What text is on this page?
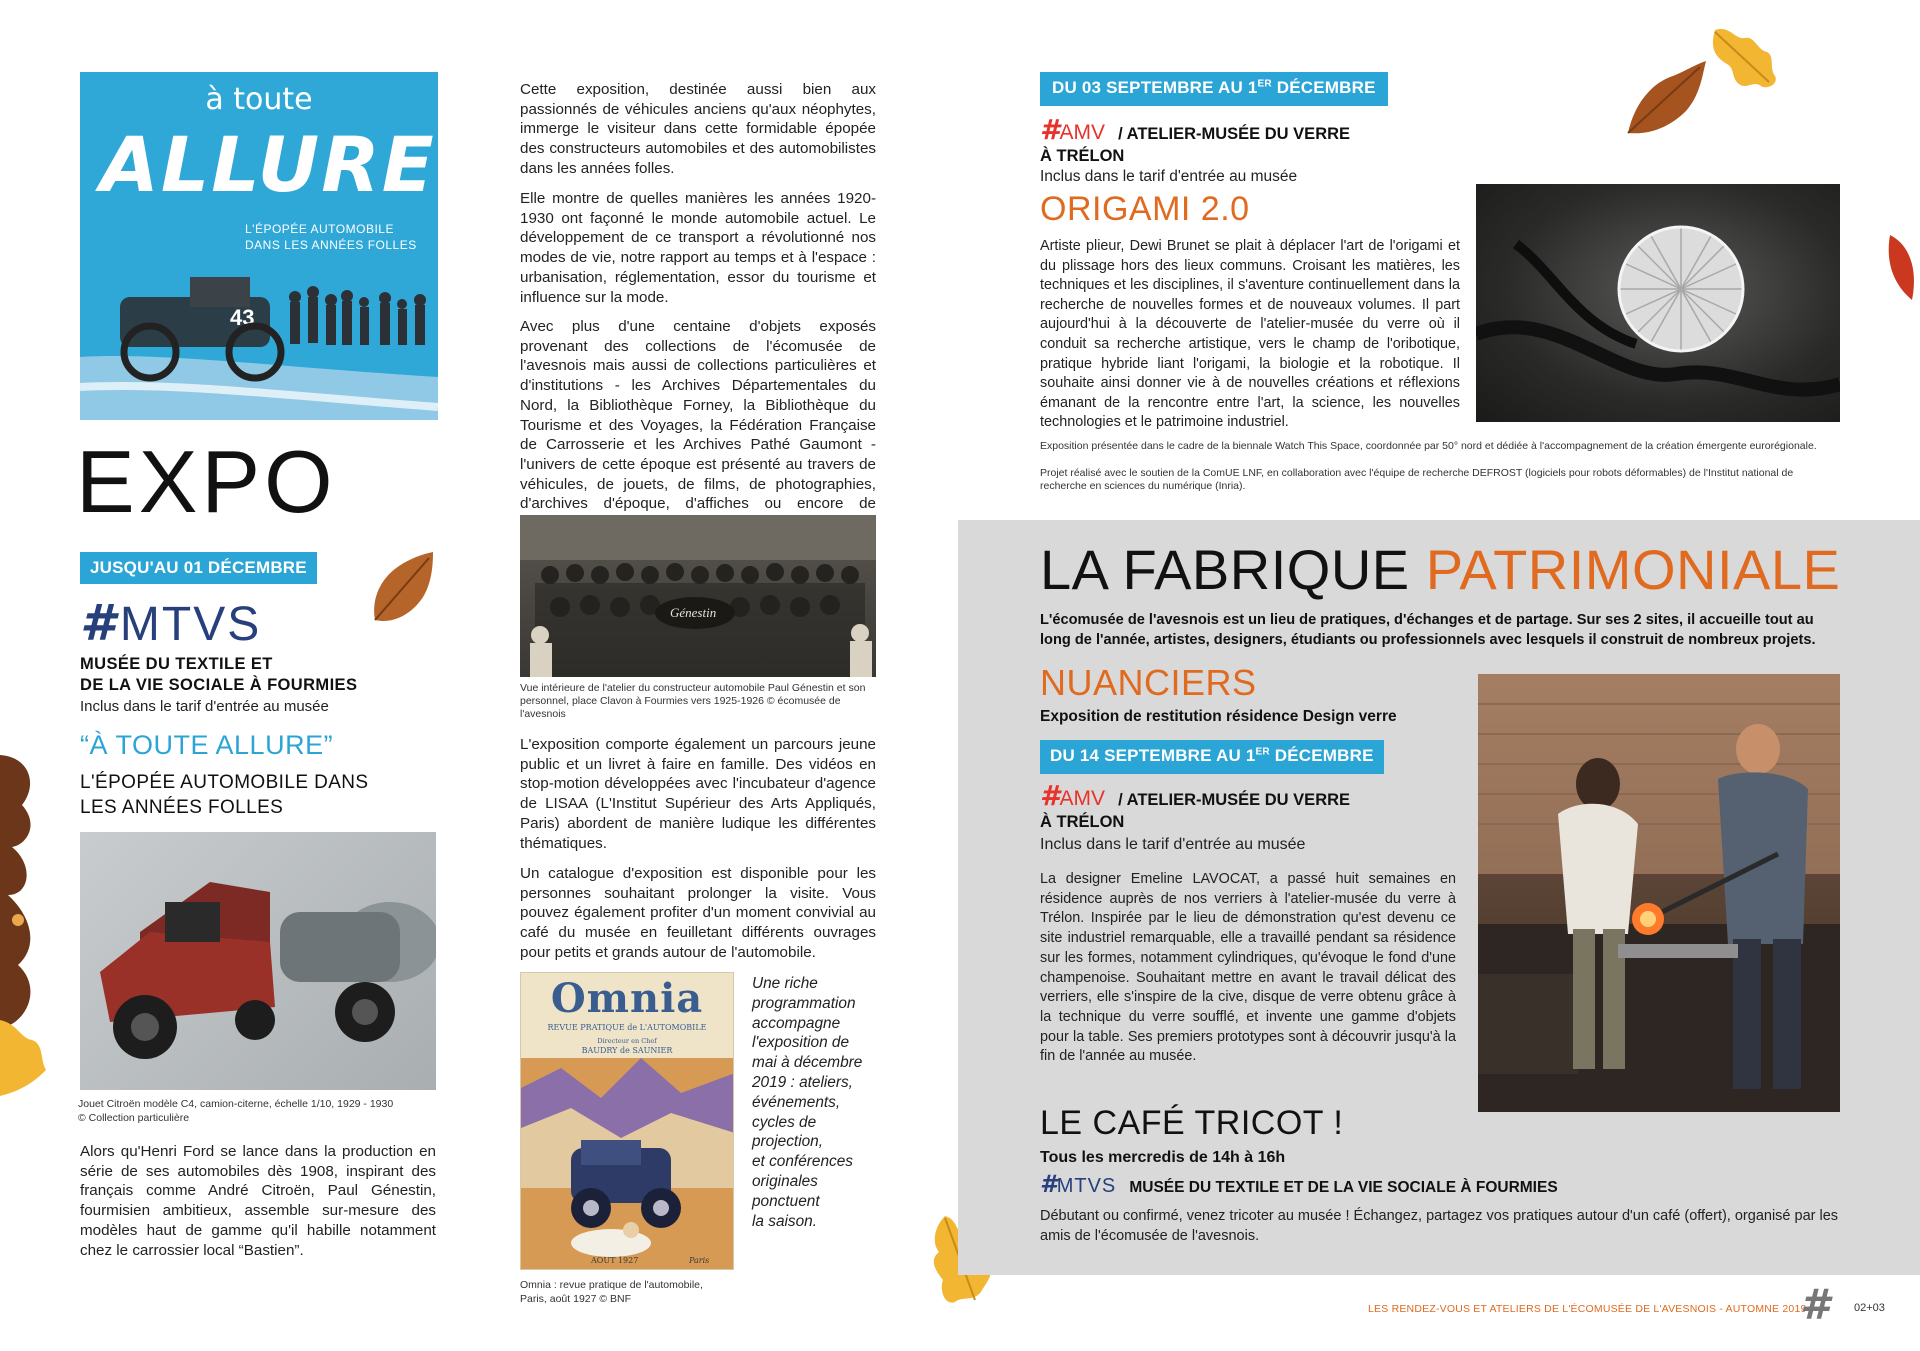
à toute
ALLURE
L'ÉPOPÉE AUTOMOBILE
DANS LES ANNÉES FOLLES
43
EXPO
JUSQU'AU 01 DÉCEMBRE
# MTVS
MUSÉE DU TEXTILE ET
DE LA VIE SOCIALE À FOURMIES
Inclus dans le tarif d'entrée au musée
“À TOUTE ALLURE”
L'ÉPOPÉE AUTOMOBILE DANS
LES ANNÉES FOLLES
Jouet Citroën modèle C4, camion-citerne, échelle 1/10, 1929 - 1930
© Collection particulière
Alors qu'Henri Ford se lance dans la production en série de ses automobiles dès 1908, inspirant des français comme André Citroën, Paul Génestin, fourmisien ambitieux, assemble sur-mesure des modèles haut de gamme qu'il habille notamment chez le carrossier local “Bastien”.
Cette exposition, destinée aussi bien aux passionnés de véhicules anciens qu'aux néophytes, immerge le visiteur dans cette formidable épopée des constructeurs automobiles et des automobilistes dans les années folles.
Elle montre de quelles manières les années 1920-1930 ont façonné le monde automobile actuel. Le développement de ce transport a révolutionné nos modes de vie, notre rapport au temps et à l'espace : urbanisation, réglementation, essor du tourisme et influence sur la mode.
Avec plus d'une centaine d'objets exposés provenant des collections de l'écomusée de l'avesnois mais aussi de collections particulières et d'institutions - les Archives Départementales du Nord, la Bibliothèque Forney, la Bibliothèque du Tourisme et des Voyages, la Fédération Française de Carrosserie et les Archives Pathé Gaumont - l'univers de cette époque est présenté au travers de véhicules, de jouets, de films, de photographies, d'archives d'époque, d'affiches ou encore de
Génestin
Vue intérieure de l'atelier du constructeur automobile Paul Génestin et son personnel, place Clavon à Fourmies vers 1925-1926 © écomusée de l'avesnois
L'exposition comporte également un parcours jeune public et un livret à faire en famille. Des vidéos en stop-motion développées avec l'incubateur d'agence de LISAA (L'Institut Supérieur des Arts Appliqués, Paris) abordent de manière ludique les différentes thématiques.
Un catalogue d'exposition est disponible pour les personnes souhaitant prolonger la visite. Vous pouvez également profiter d'un moment convivial au café du musée en feuilletant différents ouvrages pour petits et grands autour de l'automobile.
Omnia
REVUE PRATIQUE de L'AUTOMOBILE
Directeur en Chef
BAUDRY de SAUNIER
AOUT 1927	Paris
Omnia : revue pratique de l'automobile,
Paris, août 1927 © BNF
Une riche
programmation
accompagne
l'exposition de
mai à décembre
2019 : ateliers,
événements,
cycles de
projection,
et conférences
originales
ponctuent
la saison.
DU 03 SEPTEMBRE AU 1ER DÉCEMBRE
#AMV / ATELIER-MUSÉE DU VERRE
À TRÉLON
Inclus dans le tarif d'entrée au musée
ORIGAMI 2.0
Artiste plieur, Dewi Brunet se plait à déplacer l'art de l'origami et du plissage hors des lieux communs. Croisant les matières, les techniques et les disciplines, il s'aventure continuellement dans la recherche de nouvelles formes et de nouveaux volumes. Il part aujourd'hui à la découverte de l'atelier-musée du verre où il conduit sa recherche artistique, vers le champ de l'oribotique, pratique hybride liant l'origami, la biologie et la robotique. Il souhaite ainsi donner vie à de nouvelles créations et réflexions émanant de la rencontre entre l'art, la science, les nouvelles technologies et le patrimoine industriel.
Exposition présentée dans le cadre de la biennale Watch This Space, coordonnée par 50° nord et dédiée à l'accompagnement de la création émergente eurorégionale.
Projet réalisé avec le soutien de la ComUE LNF, en collaboration avec l'équipe de recherche DEFROST (logiciels pour robots déformables) de l'Institut national de recherche en sciences du numérique (Inria).
LA FABRIQUE PATRIMONIALE
L'écomusée de l'avesnois est un lieu de pratiques, d'échanges et de partage. Sur ses 2 sites, il accueille tout au long de l'année, artistes, designers, étudiants ou professionnels avec lesquels il construit de nombreux projets.
NUANCIERS
Exposition de restitution résidence Design verre
DU 14 SEPTEMBRE AU 1ER DÉCEMBRE
#AMV / ATELIER-MUSÉE DU VERRE
À TRÉLON
Inclus dans le tarif d'entrée au musée
La designer Emeline LAVOCAT, a passé huit semaines en résidence auprès de nos verriers à l'atelier-musée du verre à Trélon. Inspirée par le lieu de démonstration qu'est devenu ce site industriel remarquable, elle a travaillé pendant sa résidence sur les formes, notamment cylindriques, qu'évoque le fond d'une champenoise. Souhaitant mettre en avant le travail délicat des verriers, elle s'inspire de la cive, disque de verre obtenu grâce à la technique du verre soufflé, et invente une gamme d'objets pour la table. Ses premiers prototypes sont à découvrir jusqu'à la fin de l'année au musée.
LE CAFÉ TRICOT !
Tous les mercredis de 14h à 16h
#MTVS MUSÉE DU TEXTILE ET DE LA VIE SOCIALE À FOURMIES
Débutant ou confirmé, venez tricoter au musée ! Échangez, partagez vos pratiques autour d'un café (offert), organisé par les amis de l'écomusée de l'avesnois.
LES RENDEZ-VOUS ET ATELIERS DE L'ÉCOMUSÉE DE L'AVESNOIS - AUTOMNE 2019
# 02+03
